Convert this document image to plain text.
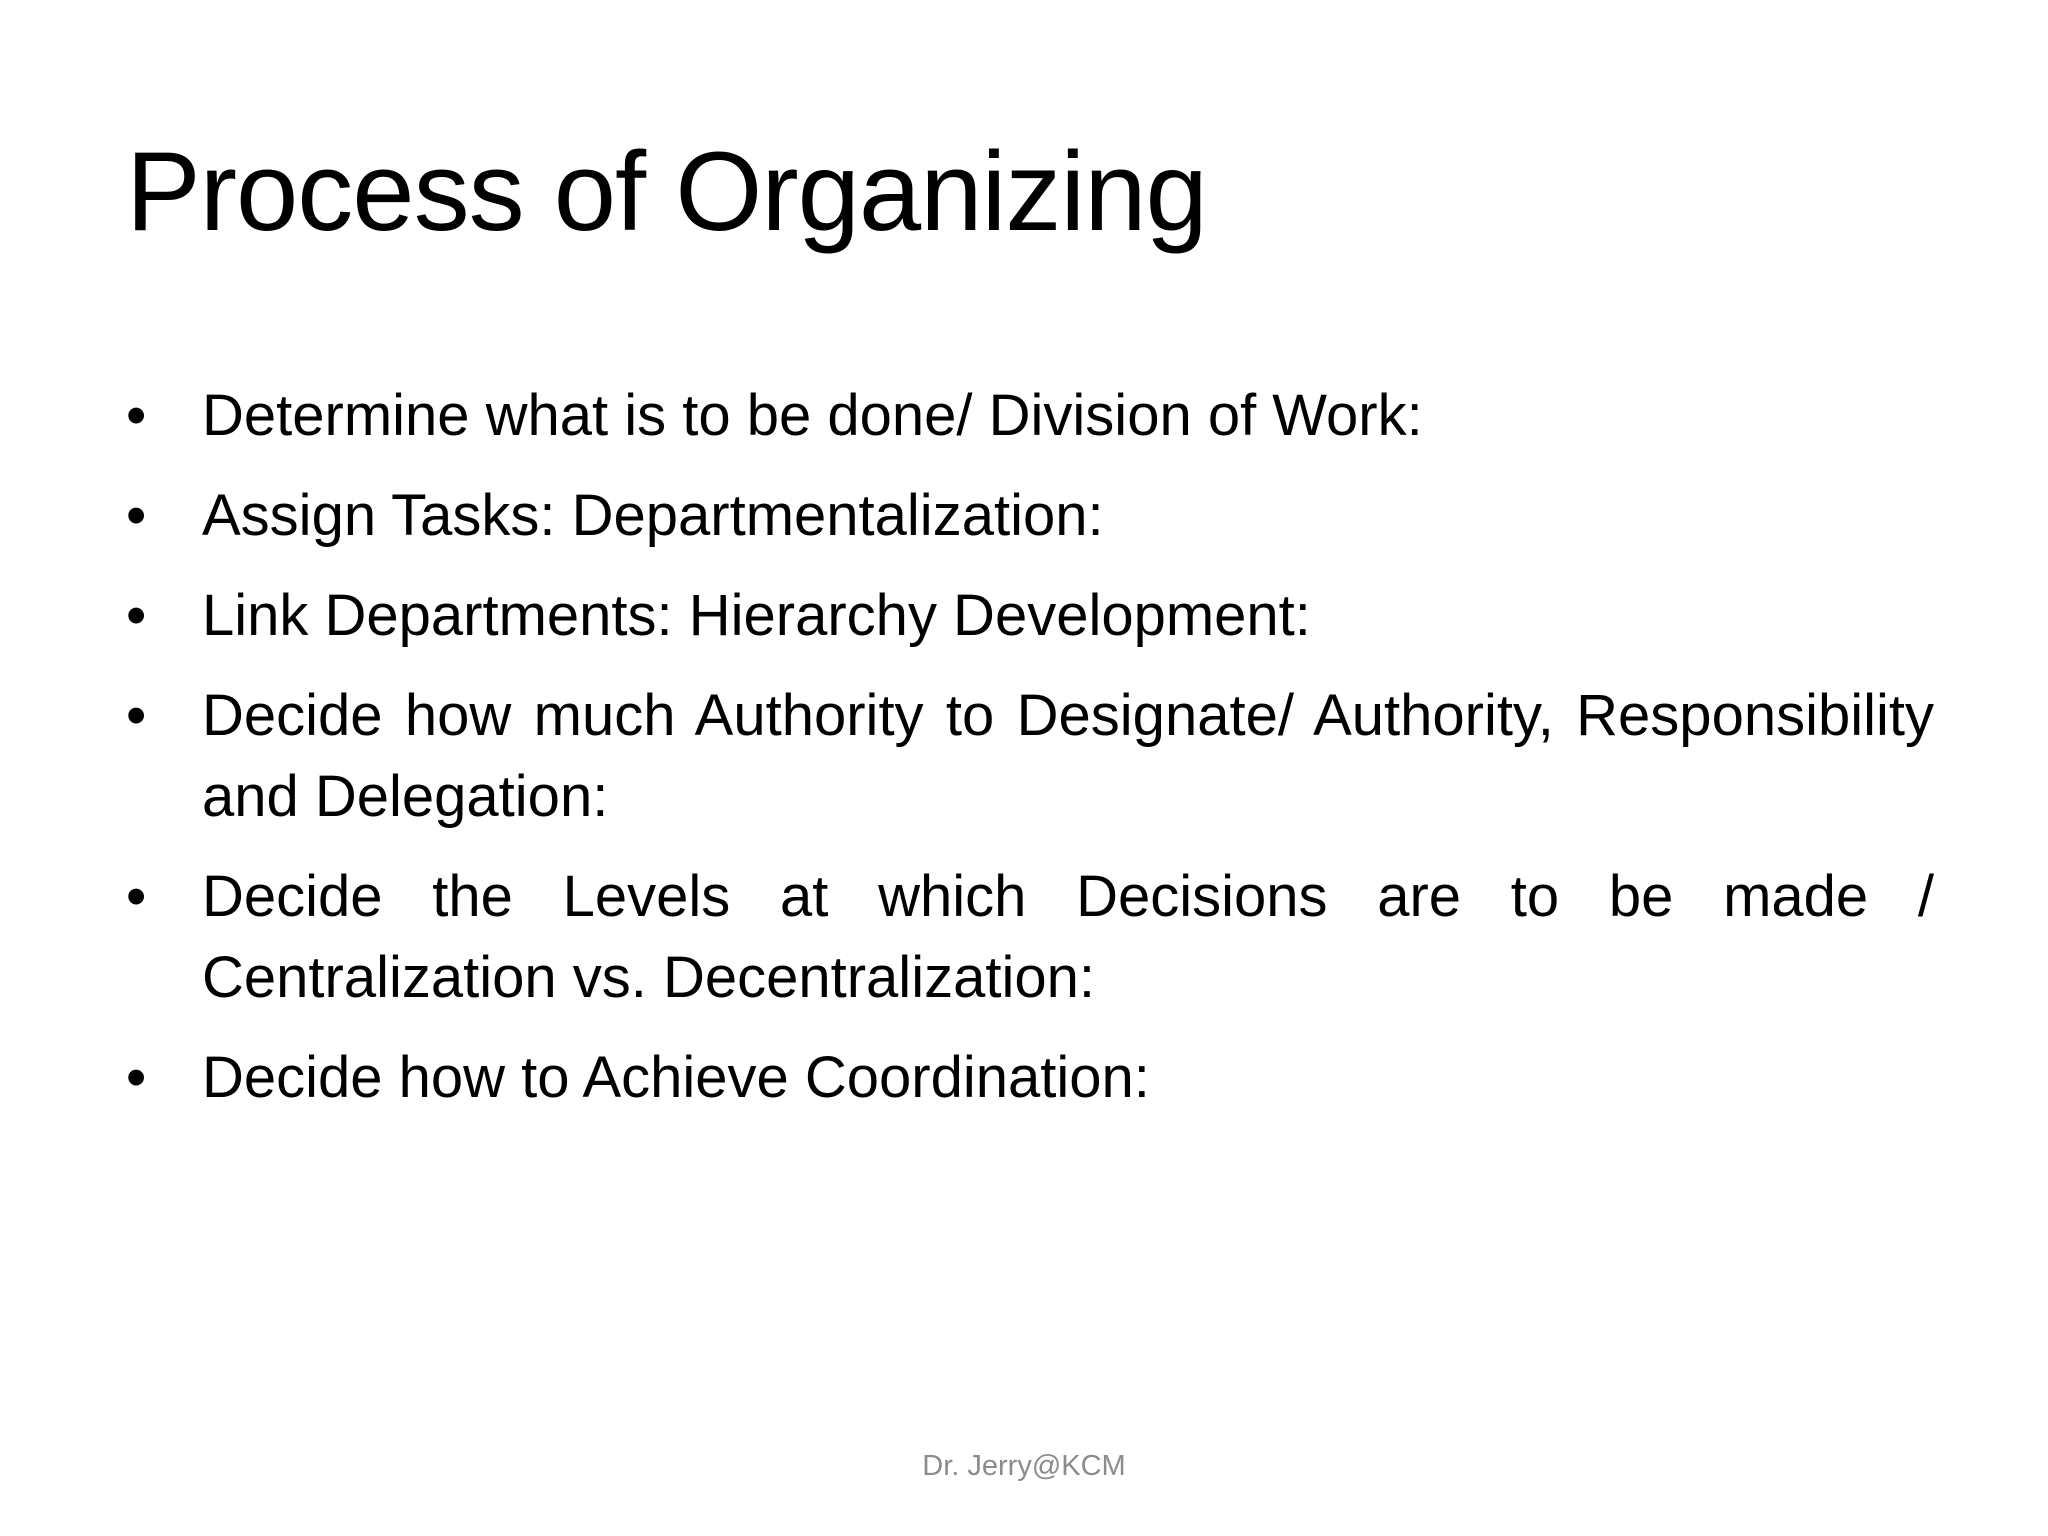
Process of Organizing
• Determine what is to be done/ Division of Work:
• Assign Tasks: Departmentalization:
• Link Departments: Hierarchy Development:
• Decide how much Authority to Designate/ Authority, Responsibility and Delegation:
• Decide the Levels at which Decisions are to be made / Centralization vs. Decentralization:
• Decide how to Achieve Coordination:
Dr. Jerry@KCM
